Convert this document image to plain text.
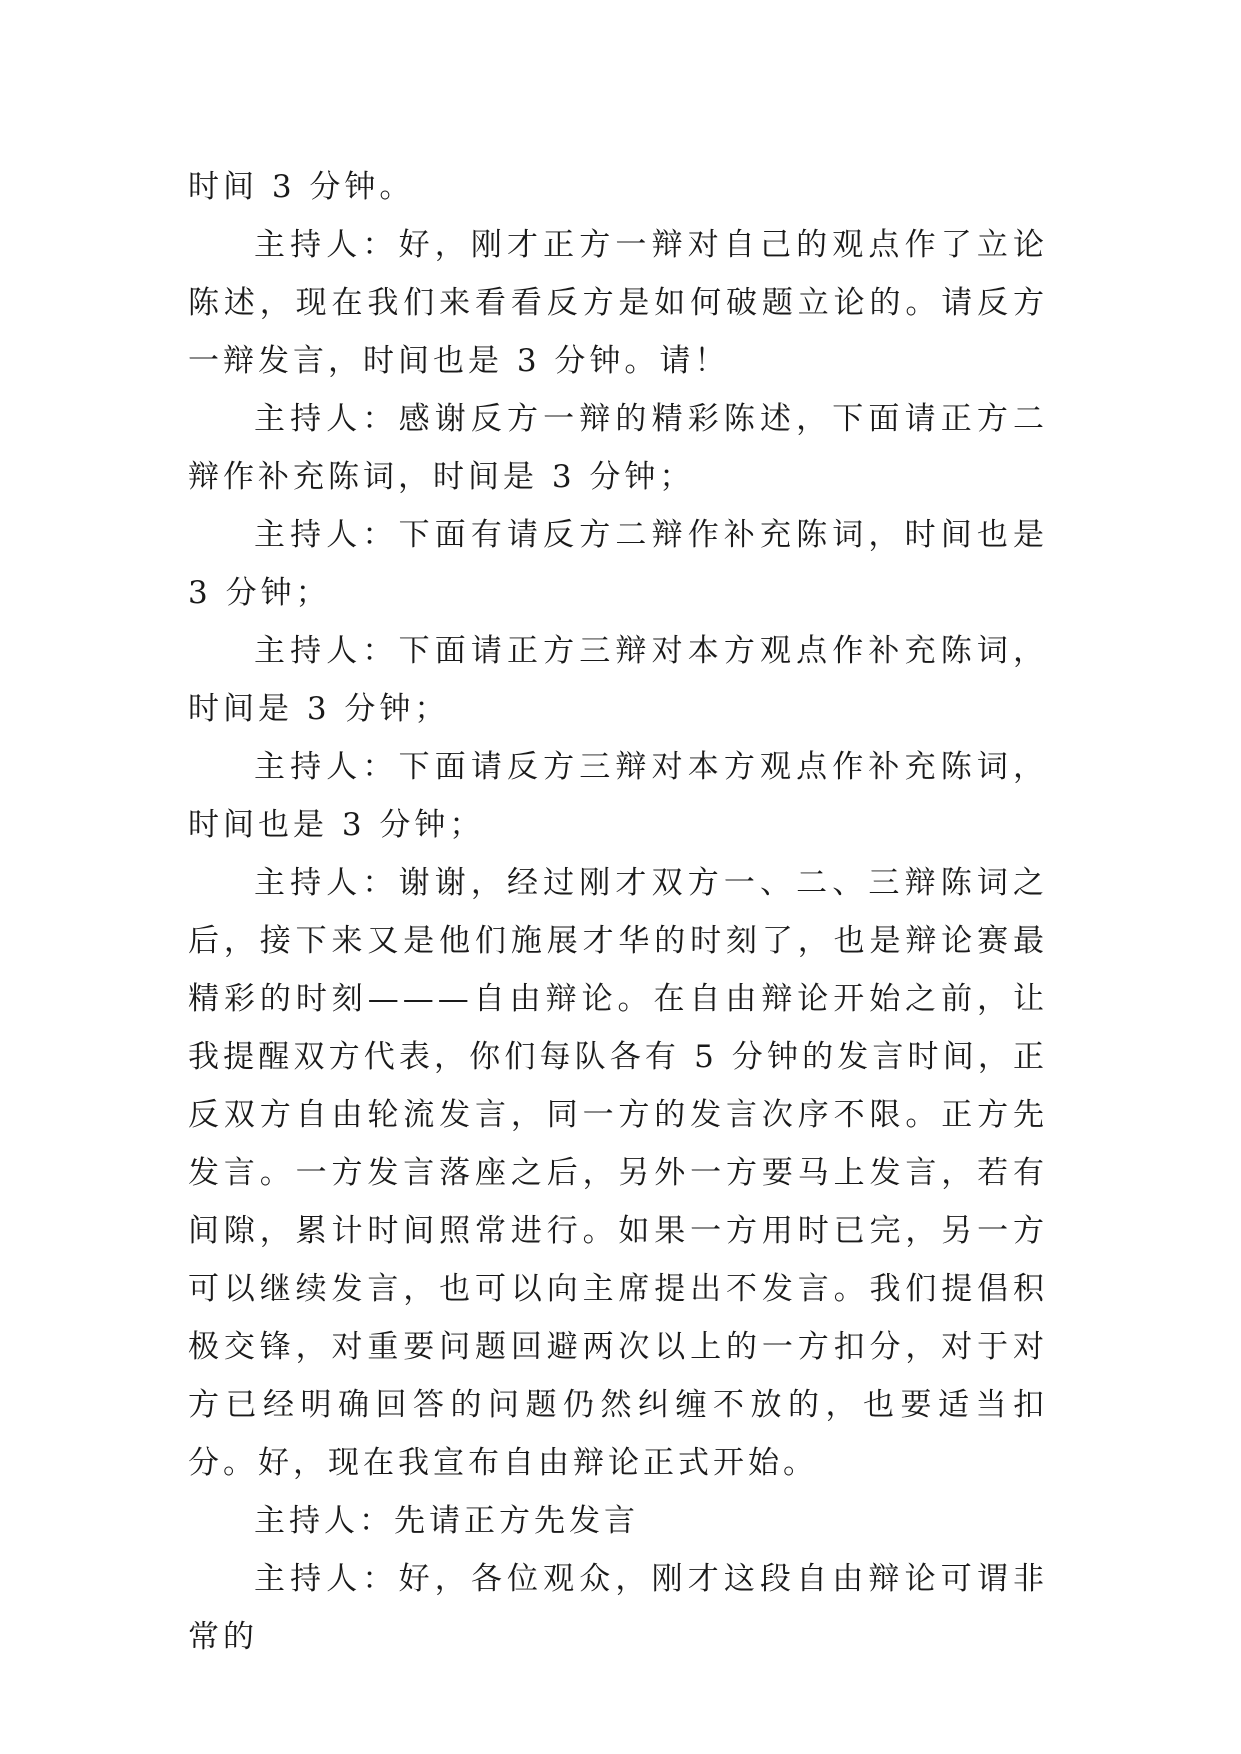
时间 3 分钟。

主持人：好，刚才正方一辩对自己的观点作了立论陈述，现在我们来看看反方是如何破题立论的。请反方一辩发言，时间也是 3 分钟。请！

主持人：感谢反方一辩的精彩陈述，下面请正方二辩作补充陈词，时间是 3 分钟；

主持人：下面有请反方二辩作补充陈词，时间也是 3 分钟；

主持人：下面请正方三辩对本方观点作补充陈词，时间是 3 分钟；

主持人：下面请反方三辩对本方观点作补充陈词，时间也是 3 分钟；

主持人：谢谢，经过刚才双方一、二、三辩陈词之后，接下来又是他们施展才华的时刻了，也是辩论赛最精彩的时刻———自由辩论。在自由辩论开始之前，让我提醒双方代表，你们每队各有 5 分钟的发言时间，正反双方自由轮流发言，同一方的发言次序不限。正方先发言。一方发言落座之后，另外一方要马上发言，若有间隙，累计时间照常进行。如果一方用时已完，另一方可以继续发言，也可以向主席提出不发言。我们提倡积极交锋，对重要问题回避两次以上的一方扣分，对于对方已经明确回答的问题仍然纠缠不放的，也要适当扣分。好，现在我宣布自由辩论正式开始。

主持人：先请正方先发言

主持人：好，各位观众，刚才这段自由辩论可谓非常的
